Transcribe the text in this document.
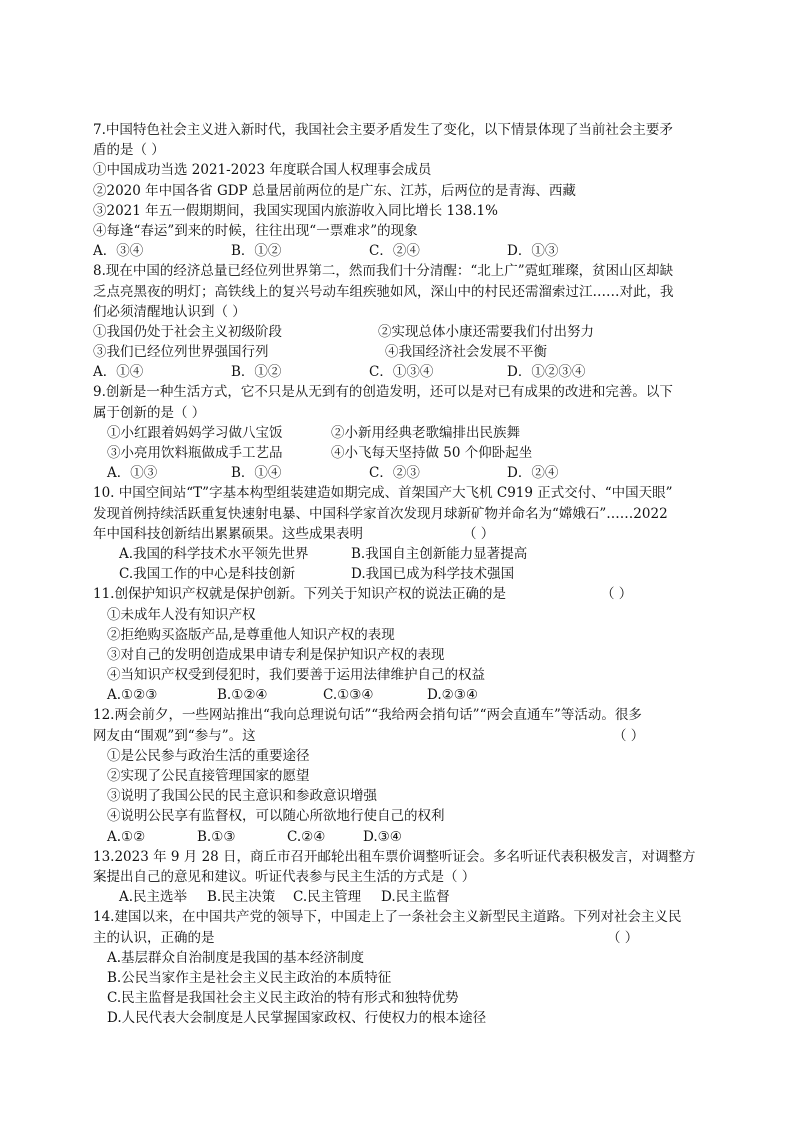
7.中国特色社会主义进入新时代，我国社会主要矛盾发生了变化，以下情景体现了当前社会主要矛
盾的是（ ）
①中国成功当选 2021-2023 年度联合国人权理事会成员
②2020 年中国各省 GDP 总量居前两位的是广东、江苏，后两位的是青海、西藏
③2021 年五一假期期间，我国实现国内旅游收入同比增长 138.1%
④每逢“春运”到来的时候，往往出现“一票难求”的现象
A．③④	B．①②	C．②④	D．①③
8.现在中国的经济总量已经位列世界第二，然而我们十分清醒：“北上广”霓虹璀璨，贫困山区却缺
乏点亮黑夜的明灯；高铁线上的复兴号动车组疾驰如风，深山中的村民还需溜索过江……对此，我
们必须清醒地认识到（ ）
①我国仍处于社会主义初级阶段	②实现总体小康还需要我们付出努力
③我们已经位列世界强国行列	④我国经济社会发展不平衡
A．①④	B．①②	C．①③④	D．①②③④
9.创新是一种生活方式，它不只是从无到有的创造发明，还可以是对已有成果的改进和完善。以下
属于创新的是（ ）
①小红跟着妈妈学习做八宝饭	②小新用经典老歌编排出民族舞
③小亮用饮料瓶做成手工艺品	④小飞每天坚持做 50 个仰卧起坐
A．①③	B．①④	C．②③	D．②④
10. 中国空间站“T”字基本构型组装建造如期完成、首架国产大飞机 C919 正式交付、“中国天眼”
发现首例持续活跃重复快速射电暴、中国科学家首次发现月球新矿物并命名为“嫦娥石”……2022
年中国科技创新结出累累硕果。这些成果表明	（ ）
A.我国的科学技术水平领先世界	B.我国自主创新能力显著提高
C.我国工作的中心是科技创新	D.我国已成为科学技术强国
11.创保护知识产权就是保护创新。下列关于知识产权的说法正确的是	（ ）
①未成年人没有知识产权
②拒绝购买盗版产品,是尊重他人知识产权的表现
③对自己的发明创造成果申请专利是保护知识产权的表现
④当知识产权受到侵犯时，我们要善于运用法律维护自己的权益
A.①②③	B.①②④	C.①③④	D.②③④
12.两会前夕，一些网站推出“我向总理说句话”“我给两会捎句话”“两会直通车”等活动。很多
网友由“围观”到“参与”。这	（ ）
①是公民参与政治生活的重要途径
②实现了公民直接管理国家的愿望
③说明了我国公民的民主意识和参政意识增强
④说明公民享有监督权，可以随心所欲地行使自己的权利
A.①②	B.①③	C.②④	D.③④
13.2023 年 9 月 28 日，商丘市召开邮轮出租车票价调整听证会。多名听证代表积极发言，对调整方
案提出自己的意见和建议。听证代表参与民主生活的方式是（ ）
A.民主选举	B.民主决策	C.民主管理	D.民主监督
14.建国以来，在中国共产党的领导下，中国走上了一条社会主义新型民主道路。下列对社会主义民
主的认识，正确的是	（ ）
A.基层群众自治制度是我国的基本经济制度
B.公民当家作主是社会主义民主政治的本质特征
C.民主监督是我国社会主义民主政治的特有形式和独特优势
D.人民代表大会制度是人民掌握国家政权、行使权力的根本途径
